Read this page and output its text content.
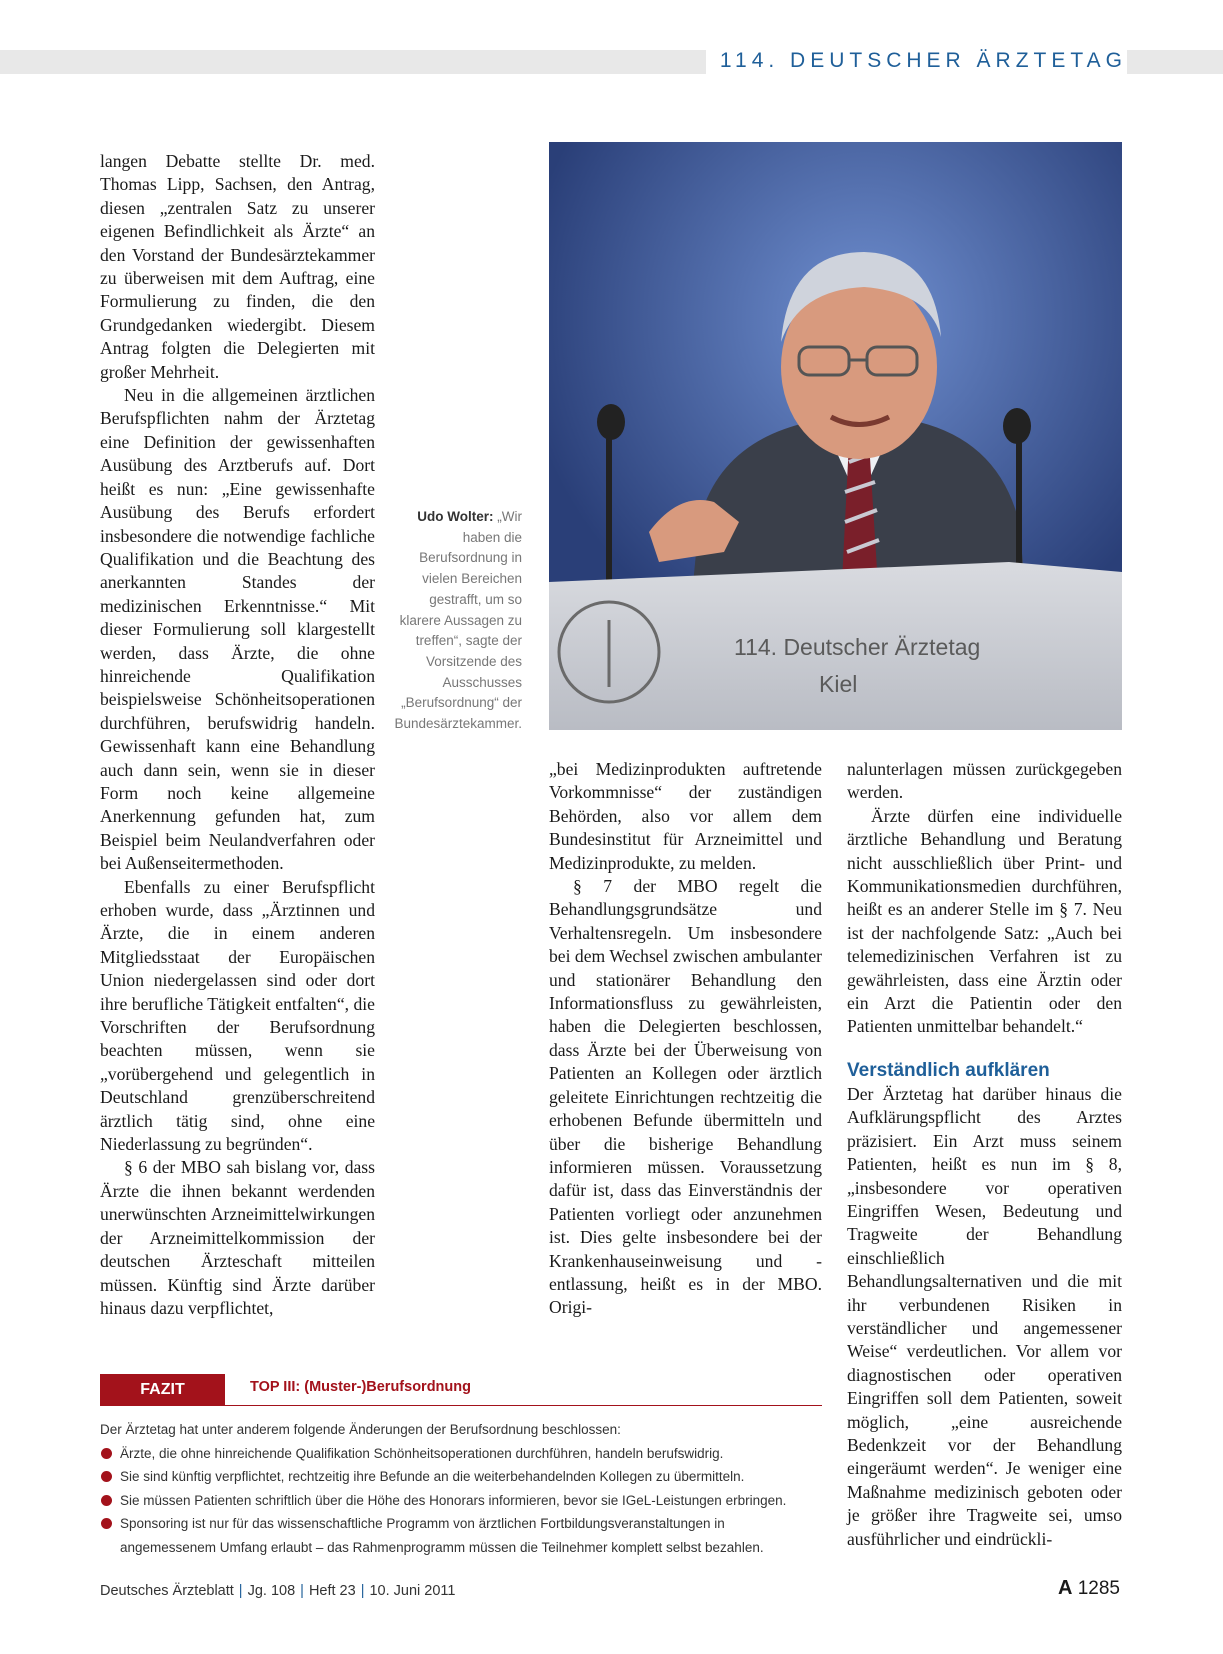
114. DEUTSCHER ÄRZTETAG

langen Debatte stellte Dr. med. Thomas Lipp, Sachsen, den Antrag, diesen „zentralen Satz zu unserer eigenen Befindlichkeit als Ärzte“ an den Vorstand der Bundesärztekammer zu überweisen mit dem Auftrag, eine Formulierung zu finden, die den Grundgedanken wiedergibt. Diesem Antrag folgten die Delegierten mit großer Mehrheit.

Neu in die allgemeinen ärztlichen Berufspflichten nahm der Ärztetag eine Definition der gewissenhaften Ausübung des Arztberufs auf. Dort heißt es nun: „Eine gewissenhafte Ausübung des Berufs erfordert insbesondere die notwendige fachliche Qualifikation und die Beachtung des anerkannten Standes der medizinischen Erkenntnisse.“ Mit dieser Formulierung soll klargestellt werden, dass Ärzte, die ohne hinreichende Qualifikation beispielsweise Schönheitsoperationen durchführen, berufswidrig handeln. Gewissenhaft kann eine Behandlung auch dann sein, wenn sie in dieser Form noch keine allgemeine Anerkennung gefunden hat, zum Beispiel beim Neulandverfahren oder bei Außenseitermethoden.

Ebenfalls zu einer Berufspflicht erhoben wurde, dass „Ärztinnen und Ärzte, die in einem anderen Mitgliedsstaat der Europäischen Union niedergelassen sind oder dort ihre berufliche Tätigkeit entfalten“, die Vorschriften der Berufsordnung beachten müssen, wenn sie „vorübergehend und gelegentlich in Deutschland grenzüberschreitend ärztlich tätig sind, ohne eine Niederlassung zu begründen“.

§ 6 der MBO sah bislang vor, dass Ärzte die ihnen bekannt werdenden unerwünschten Arzneimittelwirkungen der Arzneimittelkommission der deutschen Ärzteschaft mitteilen müssen. Künftig sind Ärzte darüber hinaus dazu verpflichtet,

Udo Wolter: „Wir haben die Berufsordnung in vielen Bereichen gestrafft, um so klarere Aussagen zu treffen“, sagte der Vorsitzende des Ausschusses „Berufsordnung“ der Bundesärztekammer.
114. Deutscher Ärztetag
Kiel

„bei Medizinprodukten auftretende Vorkommnisse“ der zuständigen Behörden, also vor allem dem Bundesinstitut für Arzneimittel und Medizinprodukte, zu melden.

§ 7 der MBO regelt die Behandlungsgrundsätze und Verhaltensregeln. Um insbesondere bei dem Wechsel zwischen ambulanter und stationärer Behandlung den Informationsfluss zu gewährleisten, haben die Delegierten beschlossen, dass Ärzte bei der Überweisung von Patienten an Kollegen oder ärztlich geleitete Einrichtungen rechtzeitig die erhobenen Befunde übermitteln und über die bisherige Behandlung informieren müssen. Voraussetzung dafür ist, dass das Einverständnis der Patienten vorliegt oder anzunehmen ist. Dies gelte insbesondere bei der Krankenhauseinweisung und -entlassung, heißt es in der MBO. Origi-

nalunterlagen müssen zurückgegeben werden.

Ärzte dürfen eine individuelle ärztliche Behandlung und Beratung nicht ausschließlich über Print- und Kommunikationsmedien durchführen, heißt es an anderer Stelle im § 7. Neu ist der nachfolgende Satz: „Auch bei telemedizinischen Verfahren ist zu gewährleisten, dass eine Ärztin oder ein Arzt die Patientin oder den Patienten unmittelbar behandelt.“

Verständlich aufklären

Der Ärztetag hat darüber hinaus die Aufklärungspflicht des Arztes präzisiert. Ein Arzt muss seinem Patienten, heißt es nun im § 8, „insbesondere vor operativen Eingriffen Wesen, Bedeutung und Tragweite der Behandlung einschließlich Behandlungsalternativen und die mit ihr verbundenen Risiken in verständlicher und angemessener Weise“ verdeutlichen. Vor allem vor diagnostischen oder operativen Eingriffen soll dem Patienten, soweit möglich, „eine ausreichende Bedenkzeit vor der Behandlung eingeräumt werden“. Je weniger eine Maßnahme medizinisch geboten oder je größer ihre Tragweite sei, umso ausführlicher und eindrückli-

FAZIT	TOP III: (Muster-)Berufsordnung
Der Ärztetag hat unter anderem folgende Änderungen der Berufsordnung beschlossen:
Ärzte, die ohne hinreichende Qualifikation Schönheitsoperationen durchführen, handeln berufswidrig.
Sie sind künftig verpflichtet, rechtzeitig ihre Befunde an die weiterbehandelnden Kollegen zu übermitteln.
Sie müssen Patienten schriftlich über die Höhe des Honorars informieren, bevor sie IGeL-Leistungen erbringen.
Sponsoring ist nur für das wissenschaftliche Programm von ärztlichen Fortbildungsveranstaltungen in angemessenem Umfang erlaubt – das Rahmenprogramm müssen die Teilnehmer komplett selbst bezahlen.
Deutsches Ärzteblatt | Jg. 108 | Heft 23 | 10. Juni 2011	A 1285
